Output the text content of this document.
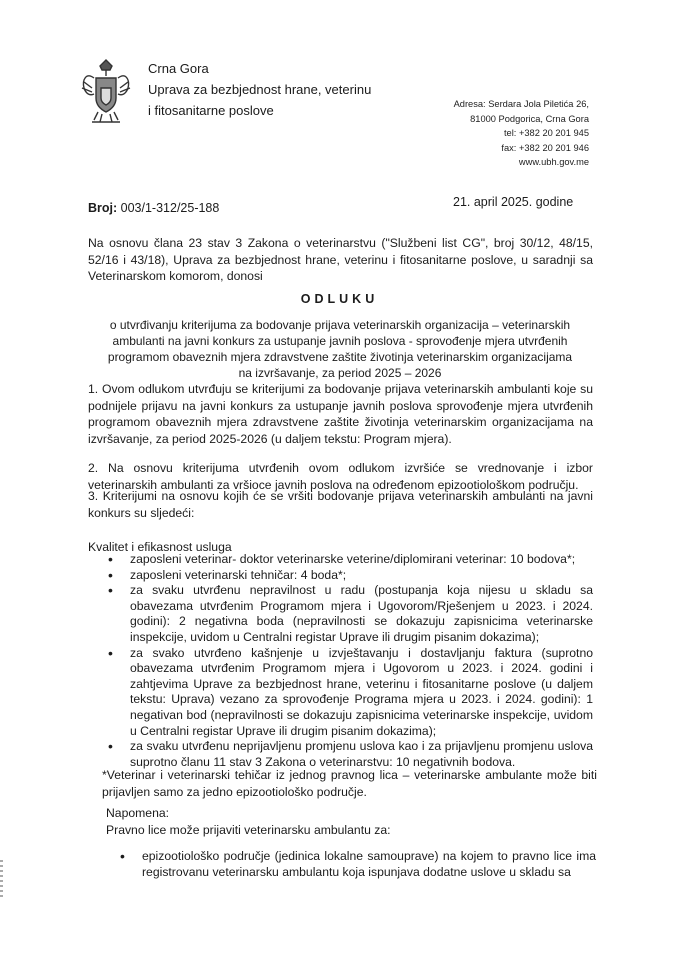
Crna Gora
Uprava za bezbjednost hrane, veterinu
i fitosanitarne poslove	Adresa: Serdara Jola Piletića 26,
81000 Podgorica, Crna Gora
tel: +382 20 201 945
fax: +382 20 201 946
www.ubh.gov.me
Broj: 003/1-312/25-188	21. april 2025. godine
Na osnovu člana 23 stav 3 Zakona o veterinarstvu ("Službeni list CG", broj 30/12, 48/15, 52/16 i 43/18), Uprava za bezbjednost hrane, veterinu i fitosanitarne poslove, u saradnji sa Veterinarskom komorom, donosi
ODLUKU
o utvrđivanju kriterijuma za bodovanje prijava veterinarskih organizacija – veterinarskih ambulanti na javni konkurs za ustupanje javnih poslova - sprovođenje mjera utvrđenih programom obaveznih mjera zdravstvene zaštite životinja veterinarskim organizacijama na izvršavanje, za period 2025 – 2026
1. Ovom odlukom utvrđuju se kriterijumi za bodovanje prijava veterinarskih ambulanti koje su podnijele prijavu na javni konkurs za ustupanje javnih poslova sprovođenje mjera utvrđenih programom obaveznih mjera zdravstvene zaštite životinja veterinarskim organizacijama na izvršavanje, za period 2025-2026 (u daljem tekstu: Program mjera).
2. Na osnovu kriterijuma utvrđenih ovom odlukom izvršiće se vrednovanje i izbor veterinarskih ambulanti za vršioce javnih poslova na određenom epizootiološkom području.
3. Kriterijumi na osnovu kojih će se vršiti bodovanje prijava veterinarskih ambulanti na javni konkurs su sljedeći:
Kvalitet i efikasnost usluga
• zaposleni veterinar- doktor veterinarske veterine/diplomirani veterinar: 10 bodova*;
• zaposleni veterinarski tehničar: 4 boda*;
• za svaku utvrđenu nepravilnost u radu (postupanja koja nijesu u skladu sa obavezama utvrđenim Programom mjera i Ugovorom/Rješenjem u 2023. i 2024. godini): 2 negativna boda (nepravilnosti se dokazuju zapisnicima veterinarske inspekcije, uvidom u Centralni registar Uprave ili drugim pisanim dokazima);
• za svako utvrđeno kašnjenje u izvještavanju i dostavljanju faktura (suprotno obavezama utvrđenim Programom mjera i Ugovorom u 2023. i 2024. godini i zahtjevima Uprave za bezbjednost hrane, veterinu i fitosanitarne poslove (u daljem tekstu: Uprava) vezano za sprovođenje Programa mjera u 2023. i 2024. godini): 1 negativan bod (nepravilnosti se dokazuju zapisnicima veterinarske inspekcije, uvidom u Centralni registar Uprave ili drugim pisanim dokazima);
• za svaku utvrđenu neprijavljenu promjenu uslova kao i za prijavljenu promjenu uslova suprotno članu 11 stav 3 Zakona o veterinarstvu: 10 negativnih bodova.
*Veterinar i veterinarski tehičar iz jednog pravnog lica – veterinarske ambulante može biti prijavljen samo za jedno epizootiološko područje.
Napomena:
Pravno lice može prijaviti veterinarsku ambulantu za:
• epizootiološko područje (jedinica lokalne samouprave) na kojem to pravno lice ima registrovanu veterinarsku ambulantu koja ispunjava dodatne uslove u skladu sa
